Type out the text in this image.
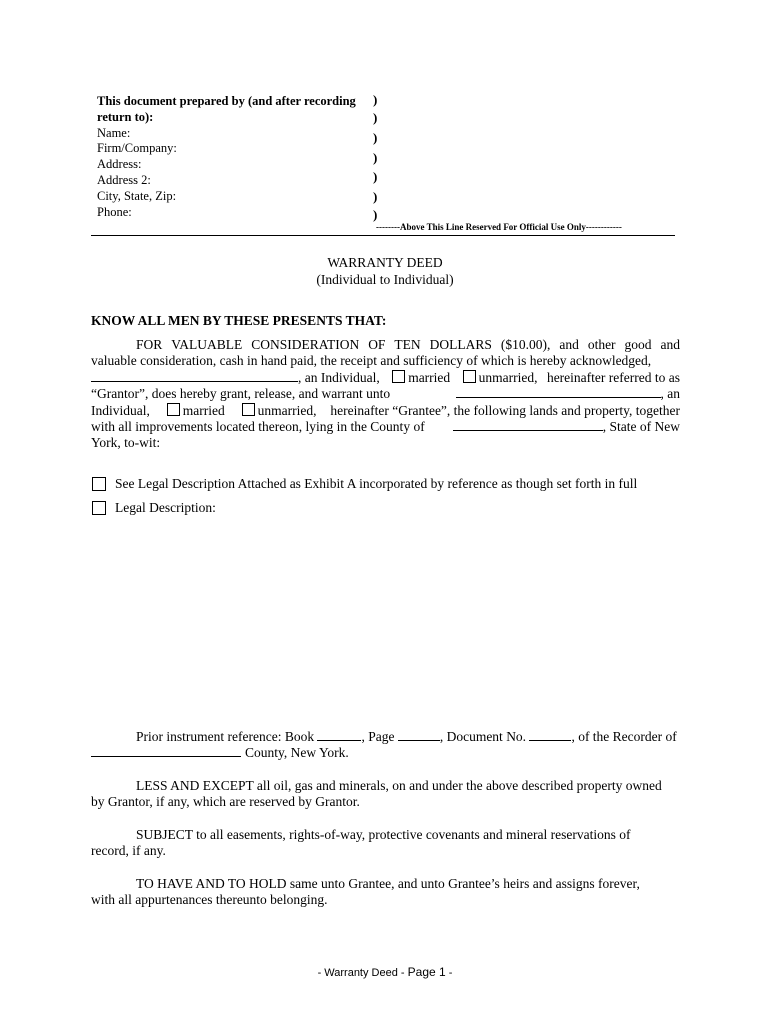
This document prepared by (and after recording
return to):
Name:
Firm/Company:
Address:
Address 2:
City, State, Zip:
Phone:
)
)
)
)
)
)
)
--------Above This Line Reserved For Official Use Only------------
WARRANTY DEED
(Individual to Individual)
KNOW ALL MEN BY THESE PRESENTS THAT:
FOR VALUABLE CONSIDERATION OF TEN DOLLARS ($10.00), and other good and
valuable consideration, cash in hand paid, the receipt and sufficiency of which is hereby acknowledged,
, an Individual,	married	unmarried, hereinafter referred to as
“Grantor”, does hereby grant, release, and warrant unto	, an
Individual,	married	unmarried, hereinafter “Grantee”, the following lands and property, together
with all improvements located thereon, lying in the County of	, State of New
York, to-wit:
See Legal Description Attached as Exhibit A incorporated by reference as though set forth in full
Legal Description:
Prior instrument reference: Book	, Page	, Document No.	, of the Recorder of
County, New York.
LESS AND EXCEPT all oil, gas and minerals, on and under the above described property owned
by Grantor, if any, which are reserved by Grantor.
SUBJECT to all easements, rights-of-way, protective covenants and mineral reservations of
record, if any.
TO HAVE AND TO HOLD same unto Grantee, and unto Grantee’s heirs and assigns forever,
with all appurtenances thereunto belonging.
- Warranty Deed - Page 1 -
